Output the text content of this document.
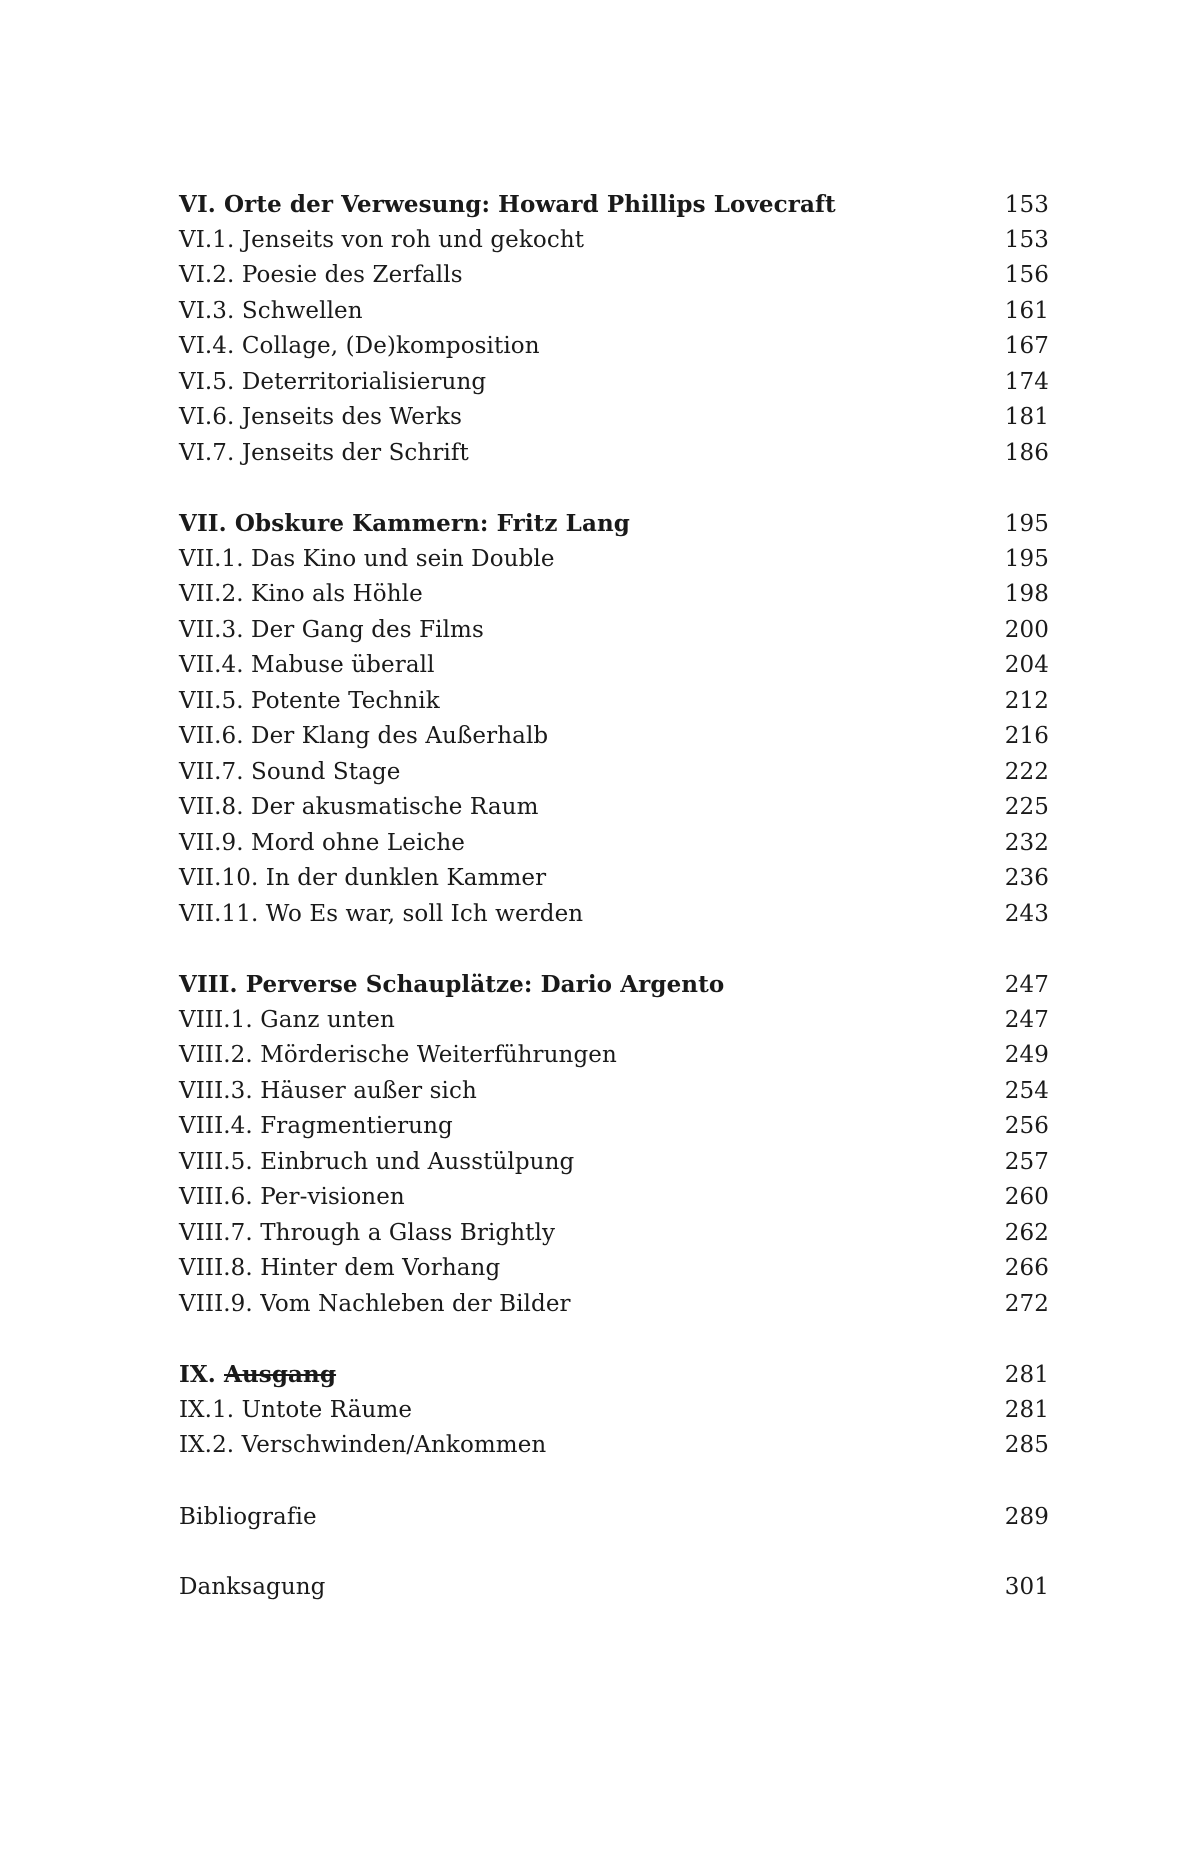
VI. Orte der Verwesung: Howard Phillips Lovecraft	153
VI.1. Jenseits von roh und gekocht	153
VI.2. Poesie des Zerfalls	156
VI.3. Schwellen	161
VI.4. Collage, (De)komposition	167
VI.5. Deterritorialisierung	174
VI.6. Jenseits des Werks	181
VI.7. Jenseits der Schrift	186
VII. Obskure Kammern: Fritz Lang	195
VII.1. Das Kino und sein Double	195
VII.2. Kino als Höhle	198
VII.3. Der Gang des Films	200
VII.4. Mabuse überall	204
VII.5. Potente Technik	212
VII.6. Der Klang des Außerhalb	216
VII.7. Sound Stage	222
VII.8. Der akusmatische Raum	225
VII.9. Mord ohne Leiche	232
VII.10. In der dunklen Kammer	236
VII.11. Wo Es war, soll Ich werden	243
VIII. Perverse Schauplätze: Dario Argento	247
VIII.1. Ganz unten	247
VIII.2. Mörderische Weiterführungen	249
VIII.3. Häuser außer sich	254
VIII.4. Fragmentierung	256
VIII.5. Einbruch und Ausstülpung	257
VIII.6. Per-visionen	260
VIII.7. Through a Glass Brightly	262
VIII.8. Hinter dem Vorhang	266
VIII.9. Vom Nachleben der Bilder	272
IX. Ausgang	281
IX.1. Untote Räume	281
IX.2. Verschwinden/Ankommen	285
Bibliografie	289
Danksagung	301
